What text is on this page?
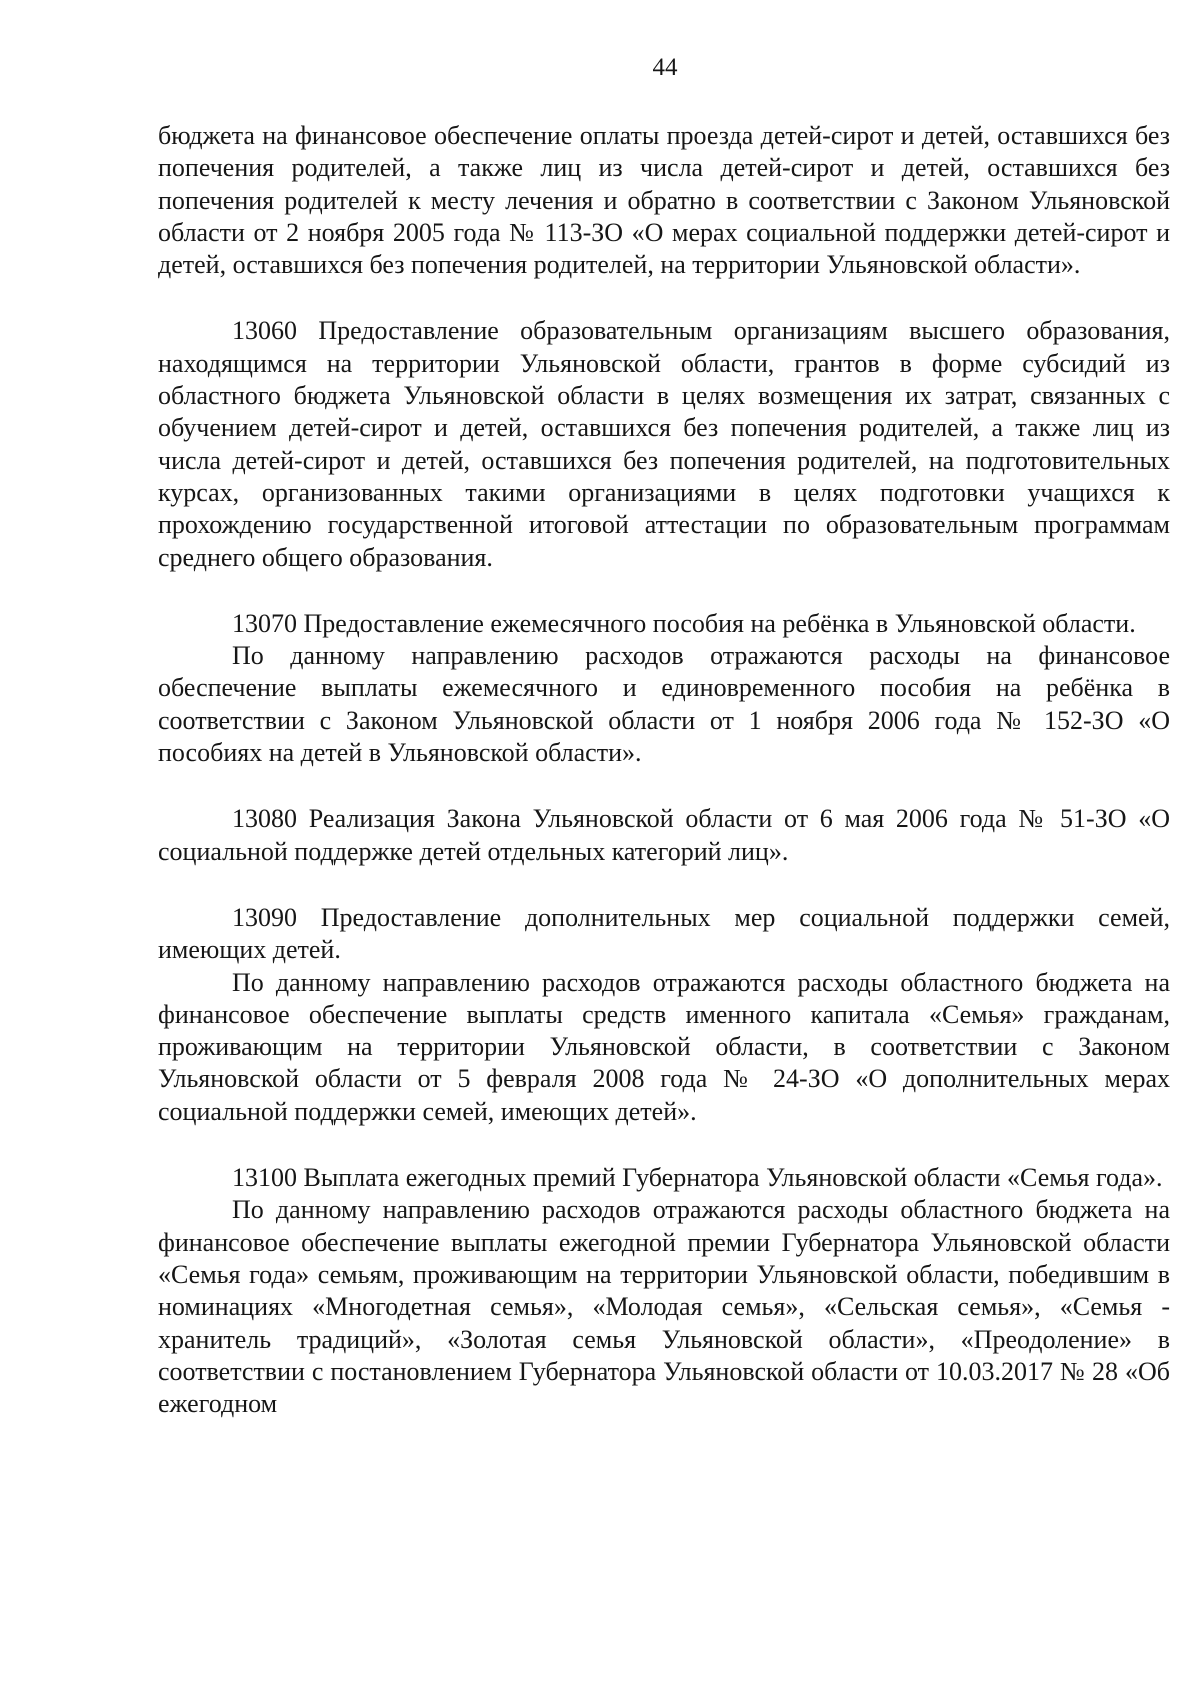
44

бюджета на финансовое обеспечение оплаты проезда детей-сирот и детей, оставшихся без попечения родителей, а также лиц из числа детей-сирот и детей, оставшихся без попечения родителей к месту лечения и обратно в соответствии с Законом Ульяновской области от 2 ноября 2005 года № 113-ЗО «О мерах социальной поддержки детей-сирот и детей, оставшихся без попечения родителей, на территории Ульяновской области».

13060 Предоставление образовательным организациям высшего образования, находящимся на территории Ульяновской области, грантов в форме субсидий из областного бюджета Ульяновской области в целях возмещения их затрат, связанных с обучением детей-сирот и детей, оставшихся без попечения родителей, а также лиц из числа детей-сирот и детей, оставшихся без попечения родителей, на подготовительных курсах, организованных такими организациями в целях подготовки учащихся к прохождению государственной итоговой аттестации по образовательным программам среднего общего образования.

13070 Предоставление ежемесячного пособия на ребёнка в Ульяновской области.

По данному направлению расходов отражаются расходы на финансовое обеспечение выплаты ежемесячного и единовременного пособия на ребёнка в соответствии с Законом Ульяновской области от 1 ноября 2006 года № 152-ЗО «О пособиях на детей в Ульяновской области».

13080 Реализация Закона Ульяновской области от 6 мая 2006 года № 51-ЗО «О социальной поддержке детей отдельных категорий лиц».

13090 Предоставление дополнительных мер социальной поддержки семей, имеющих детей.

По данному направлению расходов отражаются расходы областного бюджета на финансовое обеспечение выплаты средств именного капитала «Семья» гражданам, проживающим на территории Ульяновской области, в соответствии с Законом Ульяновской области от 5 февраля 2008 года № 24-ЗО «О дополнительных мерах социальной поддержки семей, имеющих детей».

13100 Выплата ежегодных премий Губернатора Ульяновской области «Семья года».

По данному направлению расходов отражаются расходы областного бюджета на финансовое обеспечение выплаты ежегодной премии Губернатора Ульяновской области «Семья года» семьям, проживающим на территории Ульяновской области, победившим в номинациях «Многодетная семья», «Молодая семья», «Сельская семья», «Семья - хранитель традиций», «Золотая семья Ульяновской области», «Преодоление» в соответствии с постановлением Губернатора Ульяновской области от 10.03.2017 № 28 «Об ежегодном
